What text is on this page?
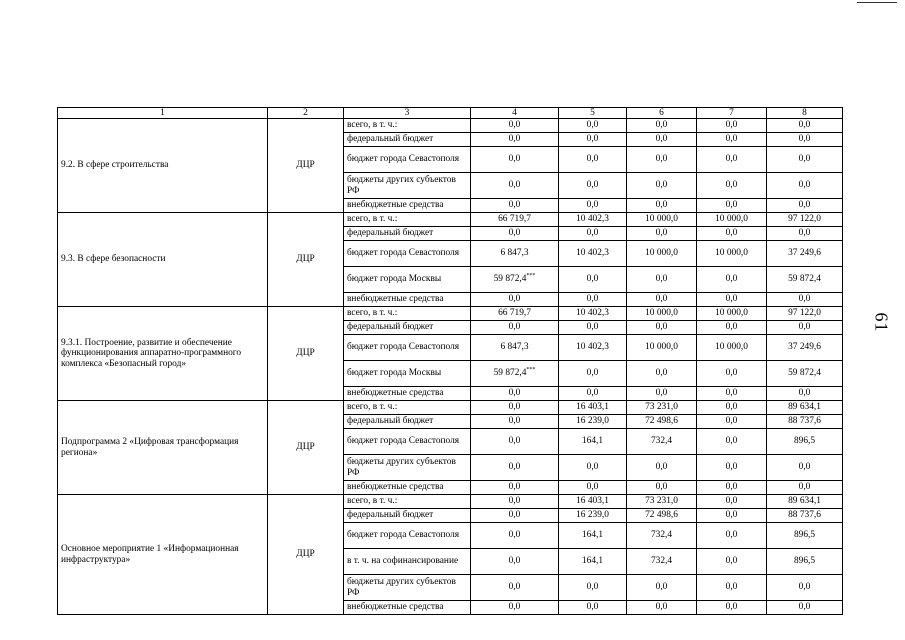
1	2	3	4	5	6	7	8
9.2. В сфере строительства	ДЦР	всего, в т. ч.:	0,0	0,0	0,0	0,0	0,0
		федеральный бюджет	0,0	0,0	0,0	0,0	0,0
		бюджет города Севастополя	0,0	0,0	0,0	0,0	0,0
		бюджеты других субъектов РФ	0,0	0,0	0,0	0,0	0,0
		внебюджетные средства	0,0	0,0	0,0	0,0	0,0
9.3. В сфере безопасности	ДЦР	всего, в т. ч.:	66 719,7	10 402,3	10 000,0	10 000,0	97 122,0
		федеральный бюджет	0,0	0,0	0,0	0,0	0,0
		бюджет города Севастополя	6 847,3	10 402,3	10 000,0	10 000,0	37 249,6
		бюджет города Москвы	59 872,4***	0,0	0,0	0,0	59 872,4
		внебюджетные средства	0,0	0,0	0,0	0,0	0,0
9.3.1. Построение, развитие и обеспечение функционирования аппаратно-программного комплекса «Безопасный город»	ДЦР	всего, в т. ч.:	66 719,7	10 402,3	10 000,0	10 000,0	97 122,0
		федеральный бюджет	0,0	0,0	0,0	0,0	0,0
		бюджет города Севастополя	6 847,3	10 402,3	10 000,0	10 000,0	37 249,6
		бюджет города Москвы	59 872,4***	0,0	0,0	0,0	59 872,4
		внебюджетные средства	0,0	0,0	0,0	0,0	0,0
Подпрограмма 2 «Цифровая трансформация региона»	ДЦР	всего, в т. ч.:	0,0	16 403,1	73 231,0	0,0	89 634,1
		федеральный бюджет	0,0	16 239,0	72 498,6	0,0	88 737,6
		бюджет города Севастополя	0,0	164,1	732,4	0,0	896,5
		бюджеты других субъектов РФ	0,0	0,0	0,0	0,0	0,0
		внебюджетные средства	0,0	0,0	0,0	0,0	0,0
Основное мероприятие 1 «Информационная инфраструктура»	ДЦР	всего, в т. ч.:	0,0	16 403,1	73 231,0	0,0	89 634,1
		федеральный бюджет	0,0	16 239,0	72 498,6	0,0	88 737,6
		бюджет города Севастополя	0,0	164,1	732,4	0,0	896,5
		в т. ч. на софинансирование	0,0	164,1	732,4	0,0	896,5
		бюджеты других субъектов РФ	0,0	0,0	0,0	0,0	0,0
		внебюджетные средства	0,0	0,0	0,0	0,0	0,0
61
